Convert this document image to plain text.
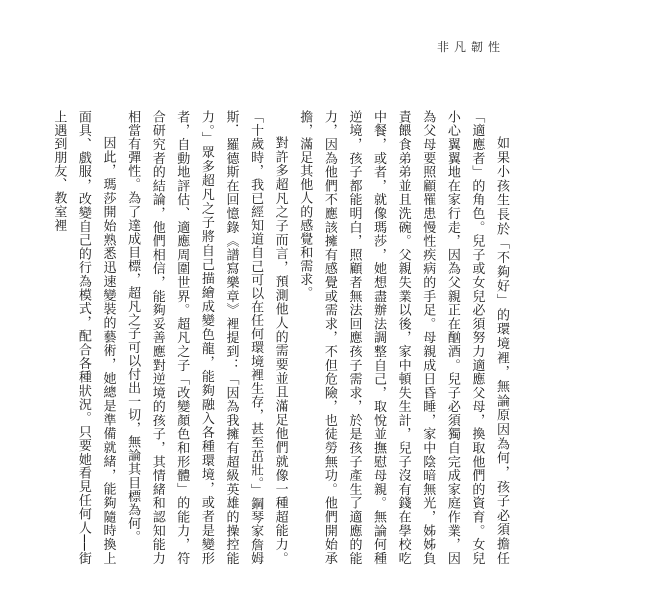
非凡韌性

如果小孩生長於「不夠好」的環境裡，無論原因為何，孩子必須擔任「適應者」的角色。兒子或女兒必須努力適應父母，換取他們的資育。女兒小心翼翼地在家行走，因為父親正在酗酒。兒子必須獨自完成家庭作業，因為父母要照顧罹患慢性疾病的手足。母親成日昏睡，家中陰暗無光，姊姊負責餵食弟弟並且洗碗。父親失業以後，家中頓失生計，兒子沒有錢在學校吃中餐，或者，就像瑪莎，她想盡辦法調整自己，取悅並撫慰母親。無論何種逆境，孩子都能明白，照顧者無法回應孩子需求，於是孩子產生了適應的能力，因為他們不應該擁有感覺或需求，不但危險，也徒勞無功。他們開始承擔，滿足其他人的感覺和需求。

對許多超凡之子而言，預測他人的需要並且滿足他們就像一種超能力。「十歲時，我已經知道自己可以在任何環境裡生存，甚至茁壯。」鋼琴家詹姆斯．羅德斯在回憶錄《譜寫樂章》裡提到：「因為我擁有超級英雄的操控能力。」眾多超凡之子將自己描繪成變色龍，能夠融入各種環境，或者是變形者，自動地評估、適應周圍世界。超凡之子「改變顏色和形體」的能力，符合研究者的結論，他們相信，能夠妥善應對逆境的孩子，其情緒和認知能力相當有彈性。為了達成目標，超凡之子可以付出一切，無論其目標為何。

因此，瑪莎開始熟悉迅速變裝的藝術，她總是準備就緒，能夠隨時換上面具、戲服，改變自己的行為模式，配合各種狀況。只要她看見任何人──街上遇到朋友、教室裡
